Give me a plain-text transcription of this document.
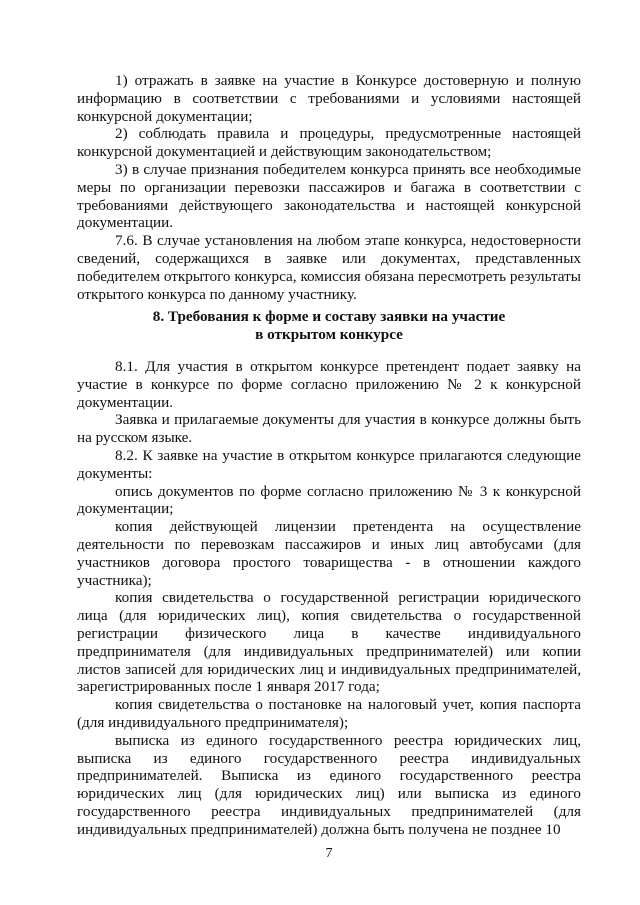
1) отражать в заявке на участие в Конкурсе достоверную и полную информацию в соответствии с требованиями и условиями настоящей конкурсной документации;

2) соблюдать правила и процедуры, предусмотренные настоящей конкурсной документацией и действующим законодательством;

3) в случае признания победителем конкурса принять все необходимые меры по организации перевозки пассажиров и багажа в соответствии с требованиями действующего законодательства и настоящей конкурсной документации.

7.6. В случае установления на любом этапе конкурса, недостоверности сведений, содержащихся в заявке или документах, представленных победителем открытого конкурса, комиссия обязана пересмотреть результаты открытого конкурса по данному участнику.

8. Требования к форме и составу заявки на участие
в открытом конкурсе

8.1. Для участия в открытом конкурсе претендент подает заявку на участие в конкурсе по форме согласно приложению № 2 к конкурсной документации.

Заявка и прилагаемые документы для участия в конкурсе должны быть на русском языке.

8.2. К заявке на участие в открытом конкурсе прилагаются следующие документы:

опись документов по форме согласно приложению № 3 к конкурсной документации;

копия действующей лицензии претендента на осуществление деятельности по перевозкам пассажиров и иных лиц автобусами (для участников договора простого товарищества - в отношении каждого участника);

копия свидетельства о государственной регистрации юридического лица (для юридических лиц), копия свидетельства о государственной регистрации физического лица в качестве индивидуального предпринимателя (для индивидуальных предпринимателей) или копии листов записей для юридических лиц и индивидуальных предпринимателей, зарегистрированных после 1 января 2017 года;

копия свидетельства о постановке на налоговый учет, копия паспорта (для индивидуального предпринимателя);

выписка из единого государственного реестра юридических лиц, выписка из единого государственного реестра индивидуальных предпринимателей. Выписка из единого государственного реестра юридических лиц (для юридических лиц) или выписка из единого государственного реестра индивидуальных предпринимателей (для индивидуальных предпринимателей) должна быть получена не позднее 10

7
